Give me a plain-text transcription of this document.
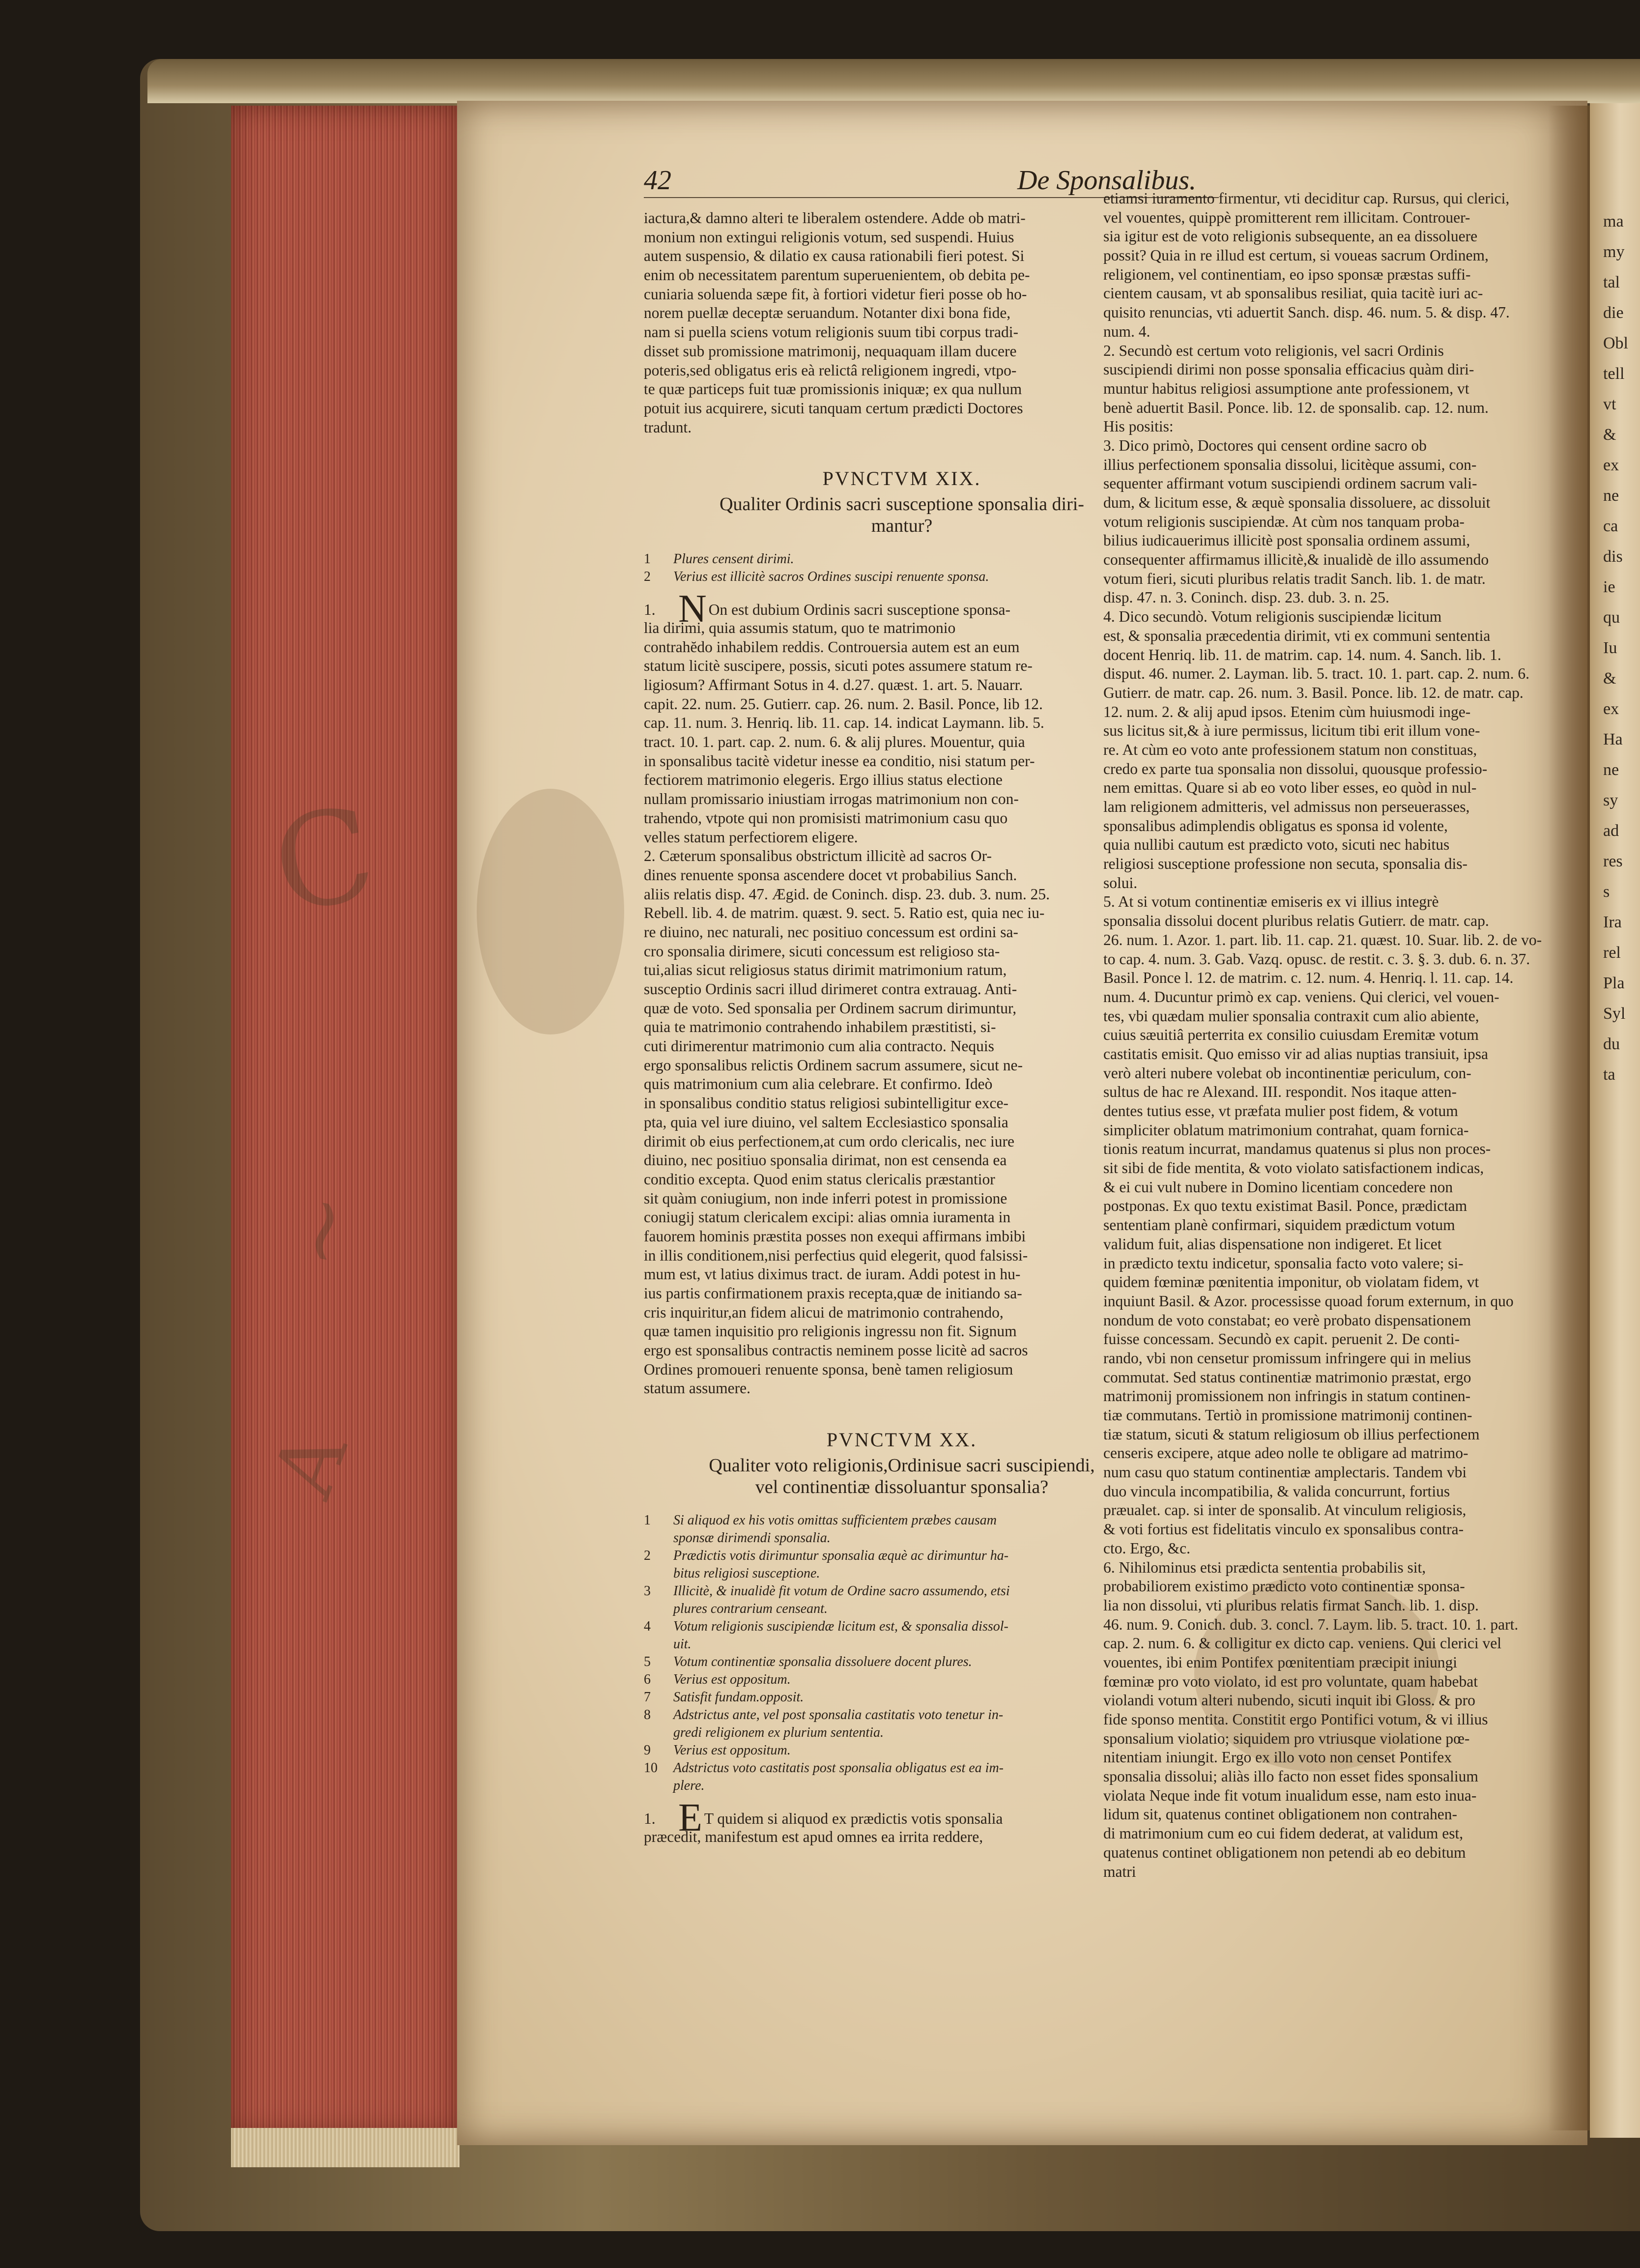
ma
my
tal
die
Obl
tell
vt
&
ex
ne
ca
dis
ie
qu
Iu
&
ex
Ha
ne
sy
ad
res
s
Ira
rel
Pla
Syl
du
ta
C
~
A
42	De Sponsalibus.
iactura,& damno alteri te liberalem ostendere. Adde ob matri-
monium non extingui religionis votum, sed suspendi. Huius
autem suspensio, & dilatio ex causa rationabili fieri potest. Si
enim ob necessitatem parentum superuenientem, ob debita pe-
cuniaria soluenda sæpe fit, à fortiori videtur fieri posse ob ho-
norem puellæ deceptæ seruandum. Notanter dixi bona fide,
nam si puella sciens votum religionis suum tibi corpus tradi-
disset sub promissione matrimonij, nequaquam illam ducere
poteris,sed obligatus eris eà relictâ religionem ingredi, vtpo-
te quæ particeps fuit tuæ promissionis iniquæ; ex qua nullum
potuit ius acquirere, sicuti tanquam certum prædicti Doctores
tradunt.
PVNCTVM XIX.
Qualiter Ordinis sacri susceptione sponsalia diri-
mantur?
1	Plures censent dirimi.
2	Verius est illicitè sacros Ordines suscipi renuente sponsa.
1. N On est dubium Ordinis sacri susceptione sponsa-
lia dirimi, quia assumis statum, quo te matrimonio
contrahĕdo inhabilem reddis. Controuersia autem est an eum
statum licitè suscipere, possis, sicuti potes assumere statum re-
ligiosum? Affirmant Sotus in 4. d.27. quæst. 1. art. 5. Nauarr.
capit. 22. num. 25. Gutierr. cap. 26. num. 2. Basil. Ponce, lib 12.
cap. 11. num. 3. Henriq. lib. 11. cap. 14. indicat Laymann. lib. 5.
tract. 10. 1. part. cap. 2. num. 6. & alij plures. Mouentur, quia
in sponsalibus tacitè videtur inesse ea conditio, nisi statum per-
fectiorem matrimonio elegeris. Ergo illius status electione
nullam promissario iniustiam irrogas matrimonium non con-
trahendo, vtpote qui non promisisti matrimonium casu quo
velles statum perfectiorem eligere.
2. Cæterum sponsalibus obstrictum illicitè ad sacros Or-
dines renuente sponsa ascendere docet vt probabilius Sanch.
aliis relatis disp. 47. Ægid. de Coninch. disp. 23. dub. 3. num. 25.
Rebell. lib. 4. de matrim. quæst. 9. sect. 5. Ratio est, quia nec iu-
re diuino, nec naturali, nec positiuo concessum est ordini sa-
cro sponsalia dirimere, sicuti concessum est religioso sta-
tui,alias sicut religiosus status dirimit matrimonium ratum,
susceptio Ordinis sacri illud dirimeret contra extrauag. Anti-
quæ de voto. Sed sponsalia per Ordinem sacrum dirimuntur,
quia te matrimonio contrahendo inhabilem præstitisti, si-
cuti dirimerentur matrimonio cum alia contracto. Nequis
ergo sponsalibus relictis Ordinem sacrum assumere, sicut ne-
quis matrimonium cum alia celebrare. Et confirmo. Ideò
in sponsalibus conditio status religiosi subintelligitur exce-
pta, quia vel iure diuino, vel saltem Ecclesiastico sponsalia
dirimit ob eius perfectionem,at cum ordo clericalis, nec iure
diuino, nec positiuo sponsalia dirimat, non est censenda ea
conditio excepta. Quod enim status clericalis præstantior
sit quàm coniugium, non inde inferri potest in promissione
coniugij statum clericalem excipi: alias omnia iuramenta in
fauorem hominis præstita posses non exequi affirmans imbibi
in illis conditionem,nisi perfectius quid elegerit, quod falsissi-
mum est, vt latius diximus tract. de iuram. Addi potest in hu-
ius partis confirmationem praxis recepta,quæ de initiando sa-
cris inquiritur,an fidem alicui de matrimonio contrahendo,
quæ tamen inquisitio pro religionis ingressu non fit. Signum
ergo est sponsalibus contractis neminem posse licitè ad sacros
Ordines promoueri renuente sponsa, benè tamen religiosum
statum assumere.
PVNCTVM XX.
Qualiter voto religionis,Ordinisue sacri suscipiendi,
vel continentiæ dissoluantur sponsalia?
1	Si aliquod ex his votis omittas sufficientem præbes causam
sponsæ dirimendi sponsalia.
2	Prædictis votis dirimuntur sponsalia æquè ac dirimuntur ha-
bitus religiosi susceptione.
3	Illicitè, & inualidè fit votum de Ordine sacro assumendo, etsi
plures contrarium censeant.
4	Votum religionis suscipiendæ licitum est, & sponsalia dissol-
uit.
5	Votum continentiæ sponsalia dissoluere docent plures.
6	Verius est oppositum.
7	Satisfit fundam.opposit.
8	Adstrictus ante, vel post sponsalia castitatis voto tenetur in-
gredi religionem ex plurium sententia.
9	Verius est oppositum.
10	Adstrictus voto castitatis post sponsalia obligatus est ea im-
plere.
1. E T quidem si aliquod ex prædictis votis sponsalia
præcedit, manifestum est apud omnes ea irrita reddere,
etiamsi iuramento firmentur, vti deciditur cap. Rursus, qui clerici,
vel vouentes, quippè promitterent rem illicitam. Controuer-
sia igitur est de voto religionis subsequente, an ea dissoluere
possit? Quia in re illud est certum, si voueas sacrum Ordinem,
religionem, vel continentiam, eo ipso sponsæ præstas suffi-
cientem causam, vt ab sponsalibus resiliat, quia tacitè iuri ac-
quisito renuncias, vti aduertit Sanch. disp. 46. num. 5. & disp. 47.
num. 4.
2. Secundò est certum voto religionis, vel sacri Ordinis
suscipiendi dirimi non posse sponsalia efficacius quàm diri-
muntur habitus religiosi assumptione ante professionem, vt
benè aduertit Basil. Ponce. lib. 12. de sponsalib. cap. 12. num.
His positis:
3. Dico primò, Doctores qui censent ordine sacro ob
illius perfectionem sponsalia dissolui, licitèque assumi, con-
sequenter affirmant votum suscipiendi ordinem sacrum vali-
dum, & licitum esse, & æquè sponsalia dissoluere, ac dissoluit
votum religionis suscipiendæ. At cùm nos tanquam proba-
bilius iudicauerimus illicitè post sponsalia ordinem assumi,
consequenter affirmamus illicitè,& inualidè de illo assumendo
votum fieri, sicuti pluribus relatis tradit Sanch. lib. 1. de matr.
disp. 47. n. 3. Coninch. disp. 23. dub. 3. n. 25.
4. Dico secundò. Votum religionis suscipiendæ licitum
est, & sponsalia præcedentia dirimit, vti ex communi sententia
docent Henriq. lib. 11. de matrim. cap. 14. num. 4. Sanch. lib. 1.
disput. 46. numer. 2. Layman. lib. 5. tract. 10. 1. part. cap. 2. num. 6.
Gutierr. de matr. cap. 26. num. 3. Basil. Ponce. lib. 12. de matr. cap.
12. num. 2. & alij apud ipsos. Etenim cùm huiusmodi inge-
sus licitus sit,& à iure permissus, licitum tibi erit illum vone-
re. At cùm eo voto ante professionem statum non constituas,
credo ex parte tua sponsalia non dissolui, quousque professio-
nem emittas. Quare si ab eo voto liber esses, eo quòd in nul-
lam religionem admitteris, vel admissus non perseuerasses,
sponsalibus adimplendis obligatus es sponsa id volente,
quia nullibi cautum est prædicto voto, sicuti nec habitus
religiosi susceptione professione non secuta, sponsalia dis-
solui.
5. At si votum continentiæ emiseris ex vi illius integrè
sponsalia dissolui docent pluribus relatis Gutierr. de matr. cap.
26. num. 1. Azor. 1. part. lib. 11. cap. 21. quæst. 10. Suar. lib. 2. de vo-
to cap. 4. num. 3. Gab. Vazq. opusc. de restit. c. 3. §. 3. dub. 6. n. 37.
Basil. Ponce l. 12. de matrim. c. 12. num. 4. Henriq. l. 11. cap. 14.
num. 4. Ducuntur primò ex cap. veniens. Qui clerici, vel vouen-
tes, vbi quædam mulier sponsalia contraxit cum alio abiente,
cuius sæuitiâ perterrita ex consilio cuiusdam Eremitæ votum
castitatis emisit. Quo emisso vir ad alias nuptias transiuit, ipsa
verò alteri nubere volebat ob incontinentiæ periculum, con-
sultus de hac re Alexand. III. respondit. Nos itaque atten-
dentes tutius esse, vt præfata mulier post fidem, & votum
simpliciter oblatum matrimonium contrahat, quam fornica-
tionis reatum incurrat, mandamus quatenus si plus non proces-
sit sibi de fide mentita, & voto violato satisfactionem indicas,
& ei cui vult nubere in Domino licentiam concedere non
postponas. Ex quo textu existimat Basil. Ponce, prædictam
sententiam planè confirmari, siquidem prædictum votum
validum fuit, alias dispensatione non indigeret. Et licet
in prædicto textu indicetur, sponsalia facto voto valere; si-
quidem fœminæ pœnitentia imponitur, ob violatam fidem, vt
inquiunt Basil. & Azor. processisse quoad forum externum, in quo
nondum de voto constabat; eo verè probato dispensationem
fuisse concessam. Secundò ex capit. peruenit 2. De conti-
rando, vbi non censetur promissum infringere qui in melius
commutat. Sed status continentiæ matrimonio præstat, ergo
matrimonij promissionem non infringis in statum continen-
tiæ commutans. Tertiò in promissione matrimonij continen-
tiæ statum, sicuti & statum religiosum ob illius perfectionem
censeris excipere, atque adeo nolle te obligare ad matrimo-
num casu quo statum continentiæ amplectaris. Tandem vbi
duo vincula incompatibilia, & valida concurrunt, fortius
præualet. cap. si inter de sponsalib. At vinculum religiosis,
& voti fortius est fidelitatis vinculo ex sponsalibus contra-
cto. Ergo, &c.
6. Nihilominus etsi prædicta sententia probabilis sit,
probabiliorem existimo prædicto voto continentiæ sponsa-
lia non dissolui, vti pluribus relatis firmat Sanch. lib. 1. disp.
46. num. 9. Conich. dub. 3. concl. 7. Laym. lib. 5. tract. 10. 1. part.
cap. 2. num. 6. & colligitur ex dicto cap. veniens. Qui clerici vel
vouentes, ibi enim Pontifex pœnitentiam præcipit iniungi
fœminæ pro voto violato, id est pro voluntate, quam habebat
violandi votum alteri nubendo, sicuti inquit ibi Gloss. & pro
fide sponso mentita. Constitit ergo Pontifici votum, & vi illius
sponsalium violatio; siquidem pro vtriusque violatione pœ-
nitentiam iniungit. Ergo ex illo voto non censet Pontifex
sponsalia dissolui; aliàs illo facto non esset fides sponsalium
violata Neque inde fit votum inualidum esse, nam esto inua-
lidum sit, quatenus continet obligationem non contrahen-
di matrimonium cum eo cui fidem dederat, at validum est,
quatenus continet obligationem non petendi ab eo debitum
matri
